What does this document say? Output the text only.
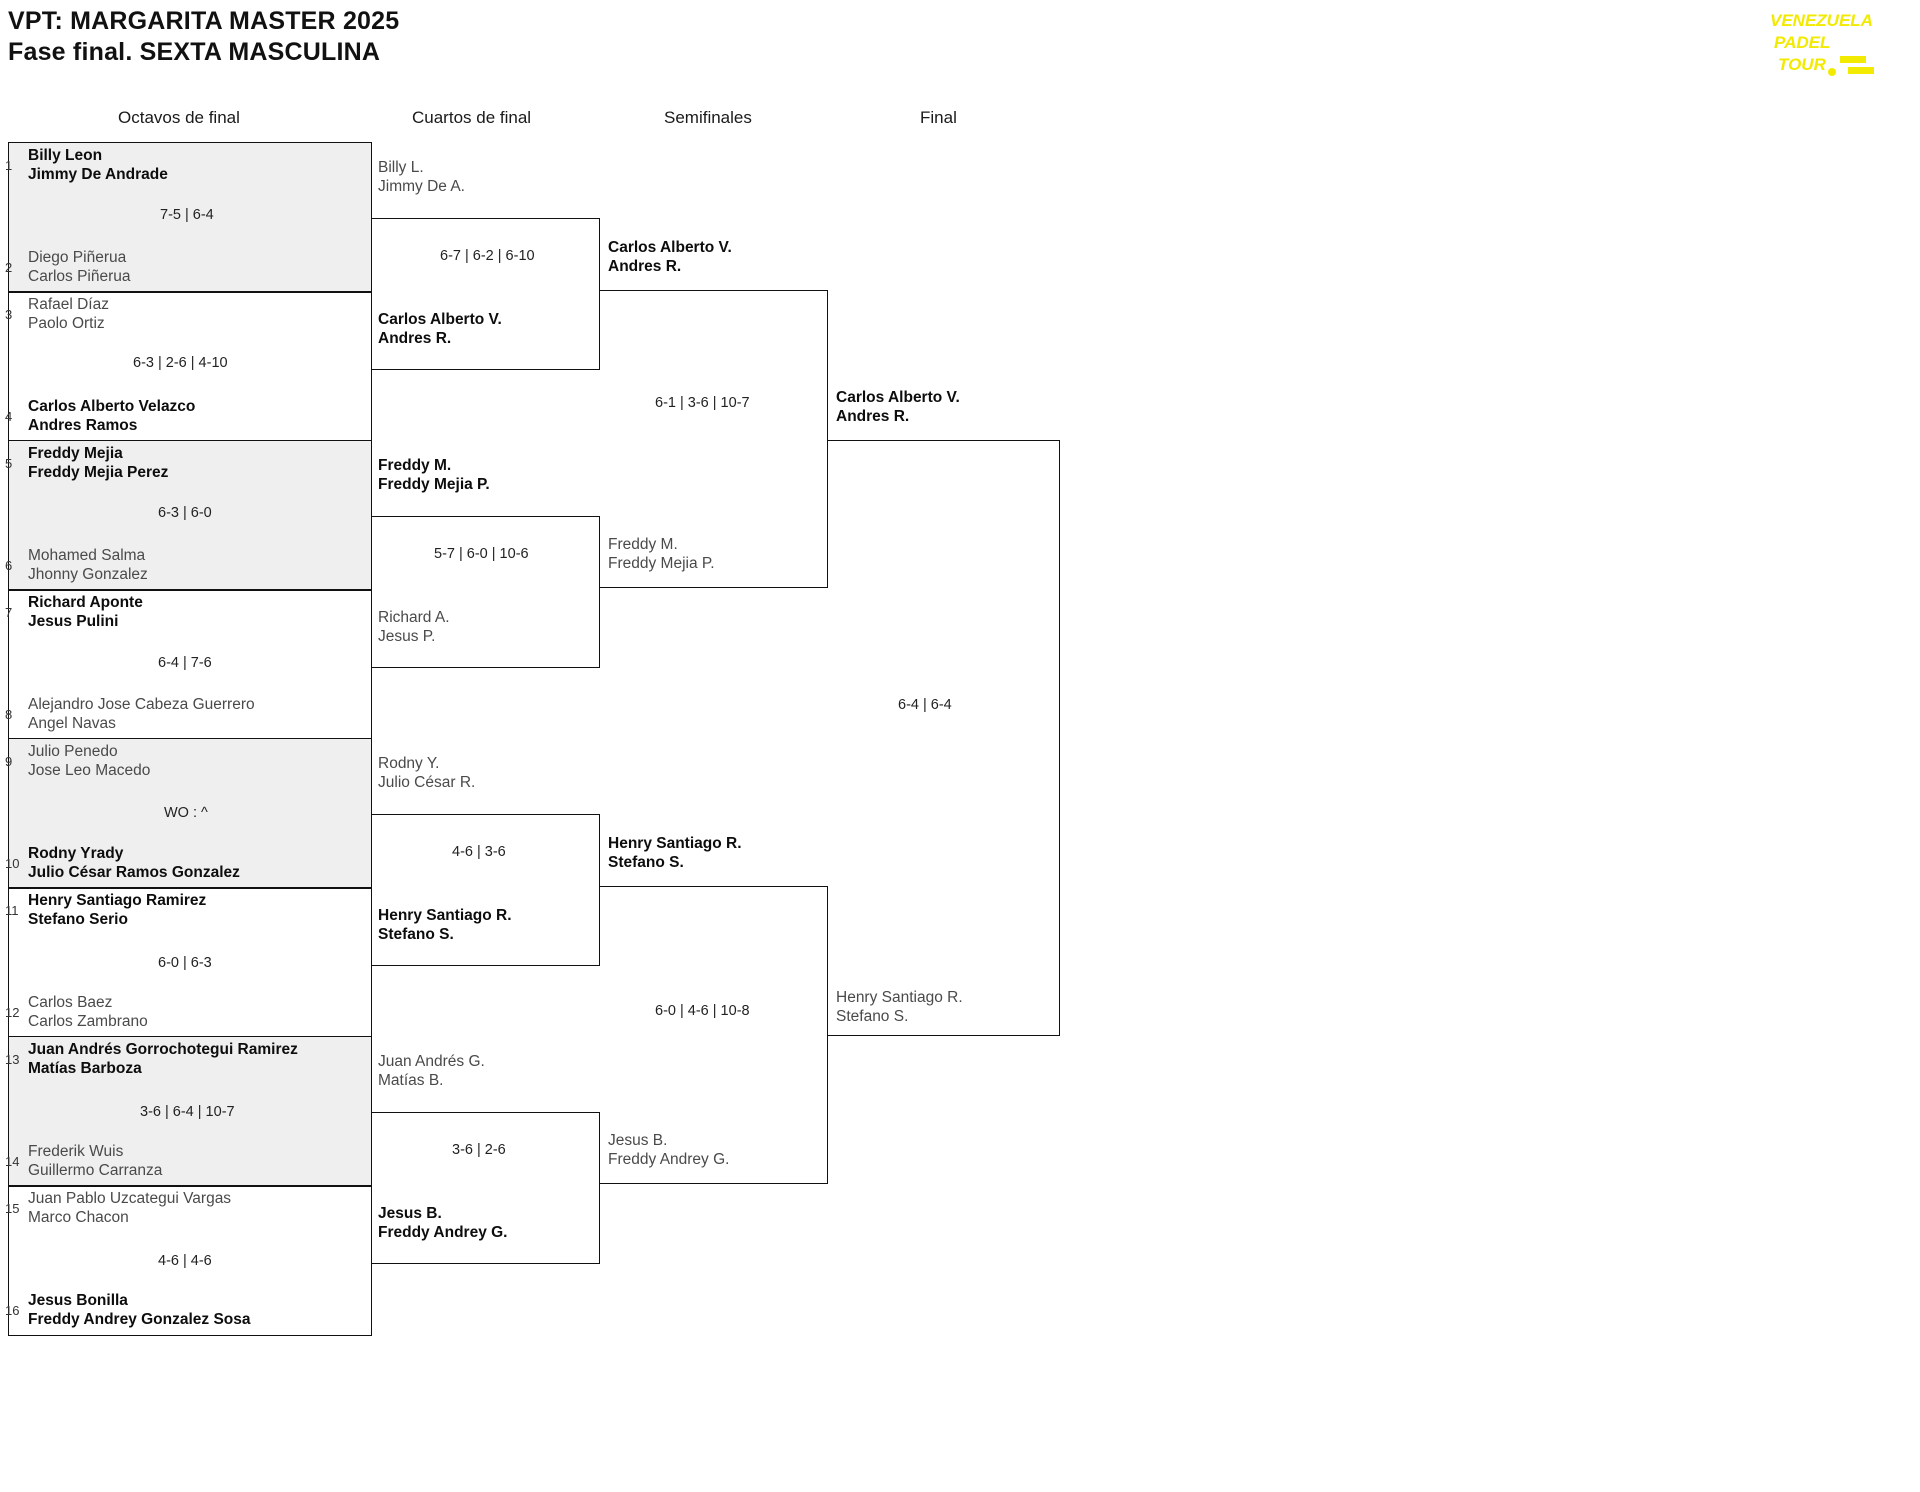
VPT: MARGARITA MASTER 2025
Fase final. SEXTA MASCULINA
VENEZUELA
PADEL
TOUR
Octavos de final	Cuartos de final	Semifinales	Final
1
Billy Leon
Jimmy De Andrade
7-5 | 6-4
2
Diego Piñerua
Carlos Piñerua
3
Rafael Díaz
Paolo Ortiz
6-3 | 2-6 | 4-10
4
Carlos Alberto Velazco
Andres Ramos
5
Freddy Mejia
Freddy Mejia Perez
6-3 | 6-0
6
Mohamed Salma
Jhonny Gonzalez
7
Richard Aponte
Jesus Pulini
6-4 | 7-6
8
Alejandro Jose Cabeza Guerrero
Angel Navas
9
Julio Penedo
Jose Leo Macedo
WO : ^
10
Rodny Yrady
Julio César Ramos Gonzalez
11
Henry Santiago Ramirez
Stefano Serio
6-0 | 6-3
12
Carlos Baez
Carlos Zambrano
13
Juan Andrés Gorrochotegui Ramirez
Matías Barboza
3-6 | 6-4 | 10-7
14
Frederik Wuis
Guillermo Carranza
15
Juan Pablo Uzcategui Vargas
Marco Chacon
4-6 | 4-6
16
Jesus Bonilla
Freddy Andrey Gonzalez Sosa
Billy L.
Jimmy De A.
6-7 | 6-2 | 6-10
Carlos Alberto V.
Andres R.
Freddy M.
Freddy Mejia P.
5-7 | 6-0 | 10-6
Richard A.
Jesus P.
Rodny Y.
Julio César R.
4-6 | 3-6
Henry Santiago R.
Stefano S.
Juan Andrés G.
Matías B.
3-6 | 2-6
Jesus B.
Freddy Andrey G.
Carlos Alberto V.
Andres R.
6-1 | 3-6 | 10-7
Freddy M.
Freddy Mejia P.
Henry Santiago R.
Stefano S.
6-0 | 4-6 | 10-8
Jesus B.
Freddy Andrey G.
Carlos Alberto V.
Andres R.
6-4 | 6-4
Henry Santiago R.
Stefano S.
